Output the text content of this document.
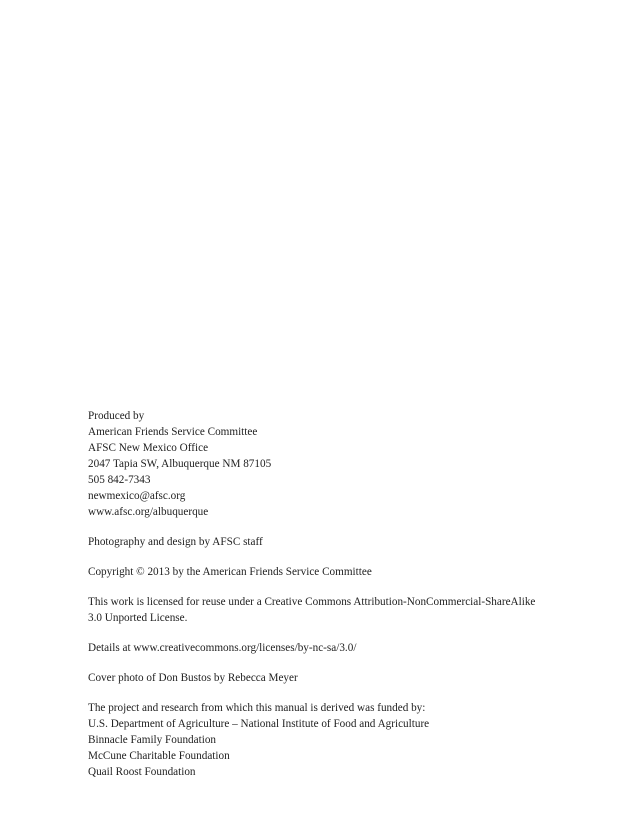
Produced by
American Friends Service Committee
AFSC New Mexico Office
2047 Tapia SW, Albuquerque NM 87105
505 842-7343
newmexico@afsc.org
www.afsc.org/albuquerque
Photography and design by AFSC staff
Copyright © 2013 by the American Friends Service Committee
This work is licensed for reuse under a Creative Commons Attribution-NonCommercial-ShareAlike
3.0 Unported License.
Details at www.creativecommons.org/licenses/by-nc-sa/3.0/
Cover photo of Don Bustos by Rebecca Meyer
The project and research from which this manual is derived was funded by:
U.S. Department of Agriculture – National Institute of Food and Agriculture
Binnacle Family Foundation
McCune Charitable Foundation
Quail Roost Foundation
